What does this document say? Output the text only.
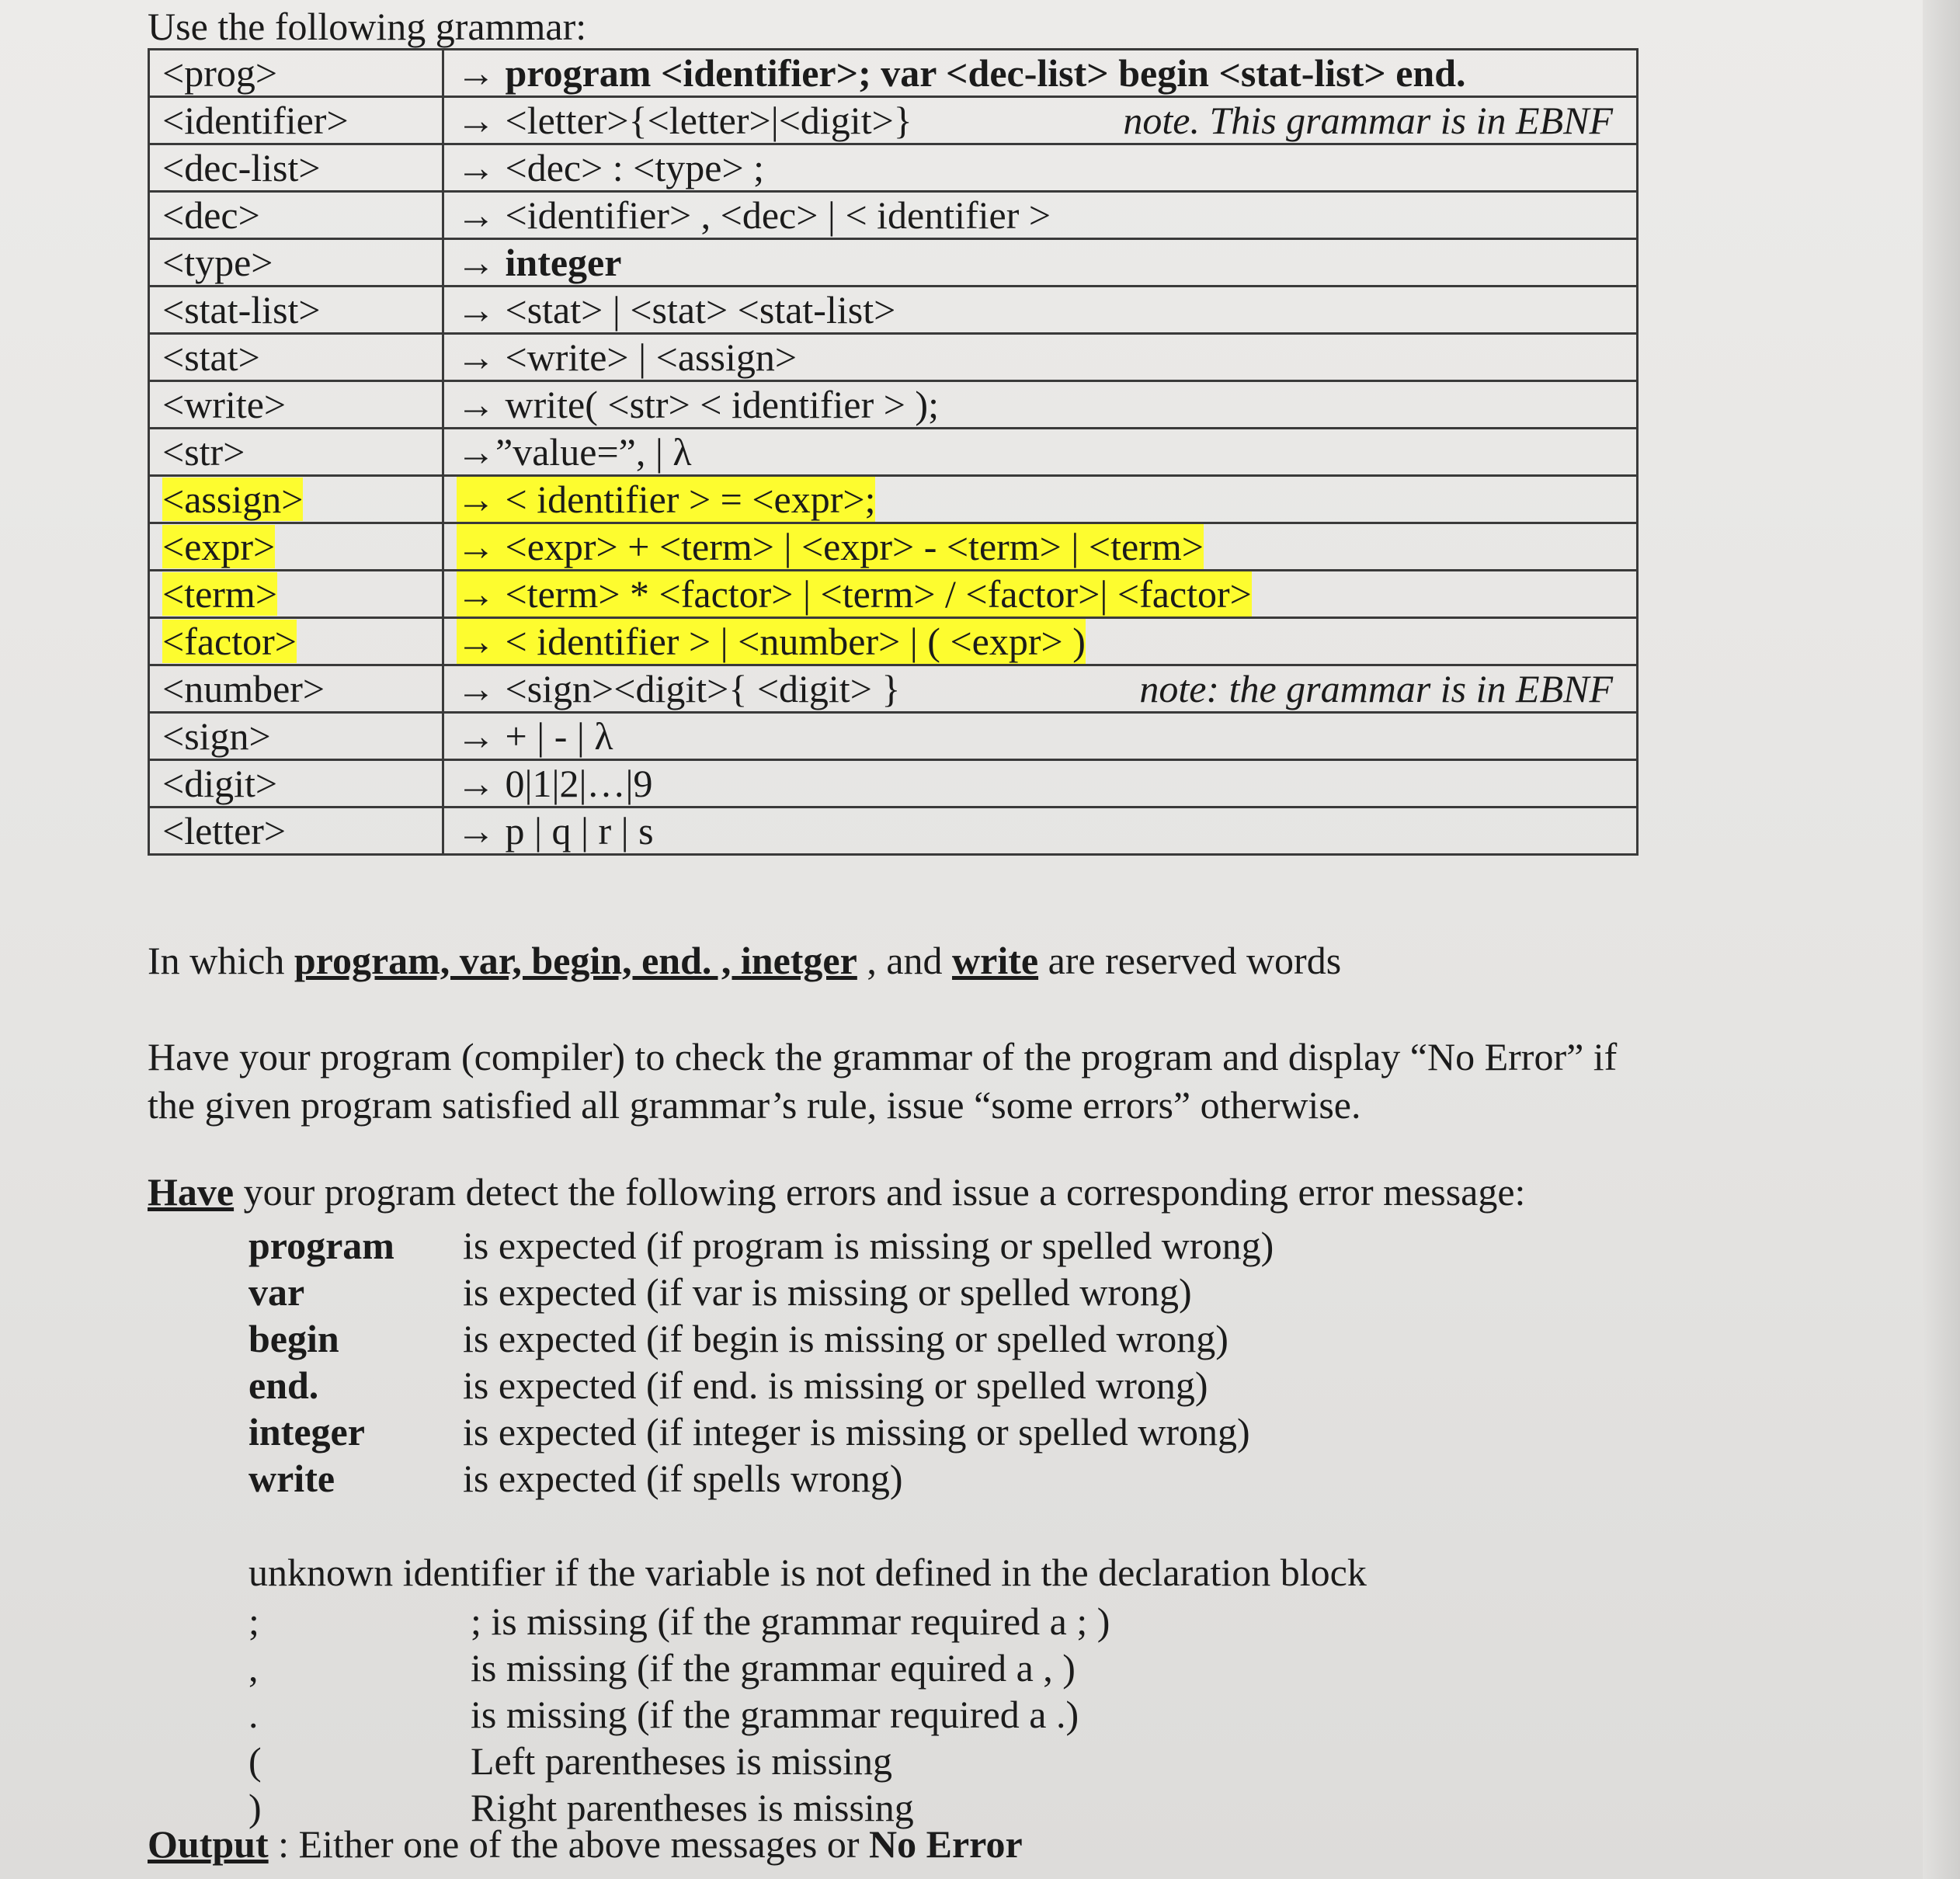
Use the following grammar:
<prog>	→ program <identifier>; var <dec-list> begin <stat-list> end.

<identifier>	→ <letter>{<letter>|<digit>} note. This grammar is in EBNF

<dec-list>	→ <dec> : <type> ;

<dec>	→ <identifier> , <dec> | < identifier >

<type>	→ integer

<stat-list>	→ <stat> | <stat> <stat-list>

<stat>	→ <write> | <assign>

<write>	→ write( <str> < identifier > );

<str>	→”value=”, | λ

<assign>	→ < identifier > = <expr>;

<expr>	→ <expr> + <term> | <expr> - <term> | <term>

<term>	→ <term> * <factor> | <term> / <factor>| <factor>

<factor>	→ < identifier > | <number> | ( <expr> )

<number>	→ <sign><digit>{ <digit> } note: the grammar is in EBNF

<sign>	→ + | - | λ

<digit>	→ 0|1|2|…|9

<letter>	→ p | q | r | s
In which program, var, begin, end. , inetger , and write are reserved words
Have your program (compiler) to check the grammar of the program and display “No Error” if the given program satisfied all grammar’s rule, issue “some errors” otherwise.
Have your program detect the following errors and issue a corresponding error message:
program is expected (if program is missing or spelled wrong)
var	is expected (if var is missing or spelled wrong)
begin	is expected (if begin is missing or spelled wrong)
end.	is expected (if end. is missing or spelled wrong)
integer	is expected (if integer is missing or spelled wrong)
write	is expected (if spells wrong)
unknown identifier if the variable is not defined in the declaration block
;	; is missing (if the grammar required a ; )
,	is missing (if the grammar equired a , )
.	is missing (if the grammar required a .)
(	Left parentheses is missing
)	Right parentheses is missing
Output : Either one of the above messages or No Error
